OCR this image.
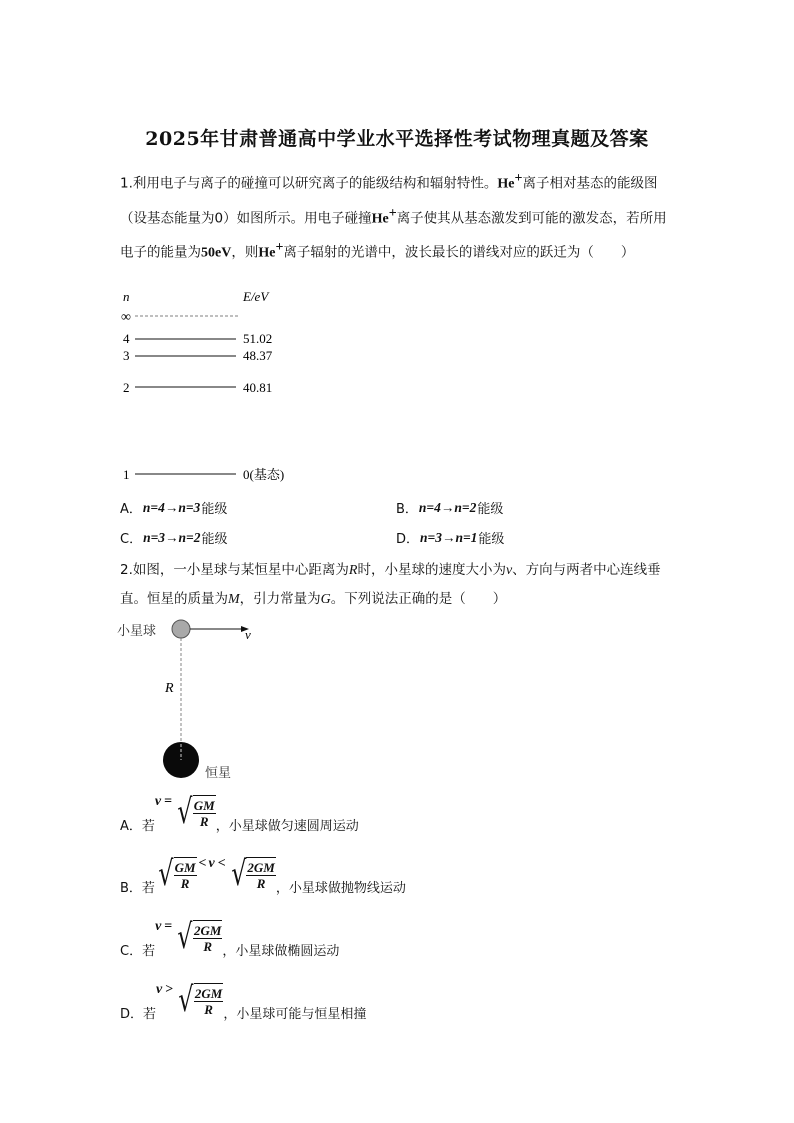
2025年甘肃普通高中学业水平选择性考试物理真题及答案
1.利用电子与离子的碰撞可以研究离子的能级结构和辐射特性。He+离子相对基态的能级图（设基态能量为0）如图所示。用电子碰撞He+离子使其从基态激发到可能的激发态，若所用电子的能量为50eV，则He+离子辐射的光谱中，波长最长的谱线对应的跃迁为（　　）
n	E/eV
∞
4	51.02
3	48.37
2	40.81
1	0(基态)
A． n=4→n=3 能级	B． n=4→n=2 能级
C． n=3→n=2 能级	D． n=3→n=1 能级
2.如图，一小星球与某恒星中心距离为R时，小星球的速度大小为v、方向与两者中心连线垂直。恒星的质量为M，引力常量为G。下列说法正确的是（　　）
小星球	v
R
恒星
A．若
v = √ $\frac{GM}{R}$ ，小星球做匀速圆周运动
B．若 √ $\frac{GM}{R} < v$ < √ $\frac{2GM}{R}$ ，小星球做抛物线运动
C．若
v = √ $\frac{2GM}{R}$ ，小星球做椭圆运动
D．若
v > √ $\frac{2GM}{R}$ ，小星球可能与恒星相撞
